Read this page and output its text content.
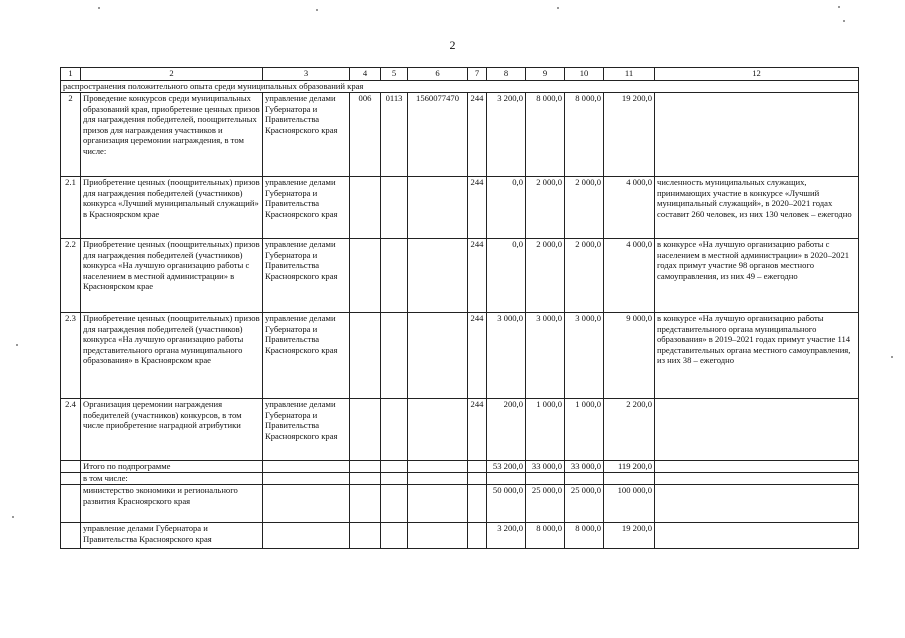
2
1	2	3	4	5	6	7	8	9	10	11	12
распространения положительного опыта среди муниципальных образований края											
2	Проведение конкурсов среди муниципальных образований края, приобретение ценных призов для награждения победителей, поощрительных призов для награждения участников и организация церемонии награждения, в том числе:	управление делами Губернатора и Правительства Красноярского края	006	0113	1560077470	244	3 200,0	8 000,0	8 000,0	19 200,0	
2.1	Приобретение ценных (поощрительных) призов для награждения победителей (участников) конкурса «Лучший муниципальный служащий» в Красноярском крае	управление делами Губернатора и Правительства Красноярского края				244	0,0	2 000,0	2 000,0	4 000,0	численность муниципальных служащих, принимающих участие в конкурсе «Лучший муниципальный служащий», в 2020–2021 годах составит 260 человек, из них 130 человек – ежегодно
2.2	Приобретение ценных (поощрительных) призов для награждения победителей (участников) конкурса «На лучшую организацию работы с населением в местной администрации» в Красноярском крае	управление делами Губернатора и Правительства Красноярского края				244	0,0	2 000,0	2 000,0	4 000,0	в конкурсе «На лучшую организацию работы с населением в местной администрации» в 2020–2021 годах примут участие 98 органов местного самоуправления, из них 49 – ежегодно
2.3	Приобретение ценных (поощрительных) призов для награждения победителей (участников) конкурса «На лучшую организацию работы представительного органа муниципального образования» в Красноярском крае	управление делами Губернатора и Правительства Красноярского края				244	3 000,0	3 000,0	3 000,0	9 000,0	в конкурсе «На лучшую организацию работы представительного органа муниципального образования» в 2019–2021 годах примут участие 114 представительных органа местного самоуправления, из них 38 – ежегодно
2.4	Организация церемонии награждения победителей (участников) конкурсов, в том числе приобретение наградной атрибутики	управление делами Губернатора и Правительства Красноярского края				244	200,0	1 000,0	1 000,0	2 200,0	
	Итого по подпрограмме						53 200,0	33 000,0	33 000,0	119 200,0	
	в том числе:										
	министерство экономики и регионального развития Красноярского края						50 000,0	25 000,0	25 000,0	100 000,0	
	управление делами Губернатора и Правительства Красноярского края						3 200,0	8 000,0	8 000,0	19 200,0	
